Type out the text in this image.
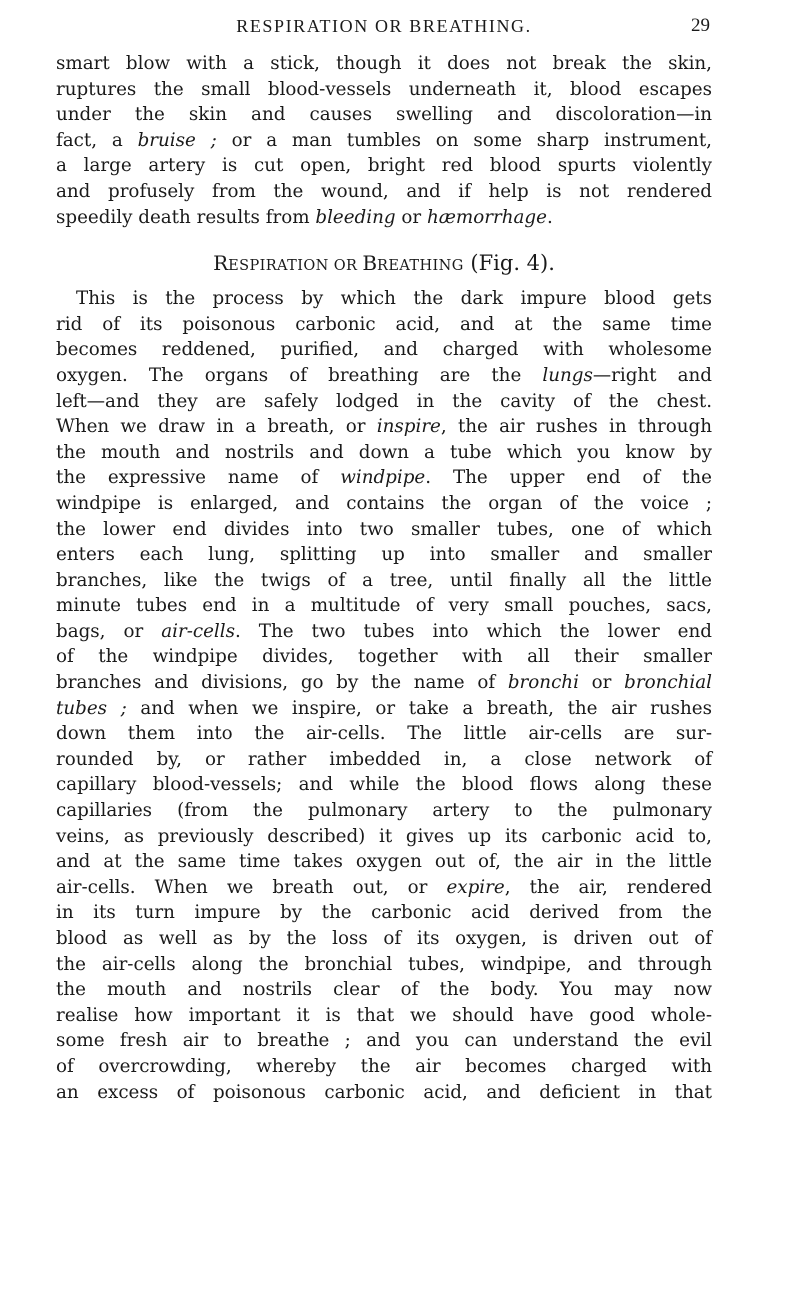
RESPIRATION OR BREATHING.	29
smart blow with a stick, though it does not break the skin,
ruptures the small blood-vessels underneath it, blood escapes
under the skin and causes swelling and discoloration—in
fact, a bruise ; or a man tumbles on some sharp instrument,
a large artery is cut open, bright red blood spurts violently
and profusely from the wound, and if help is not rendered
speedily death results from bleeding or hæmorrhage.
RESPIRATION OR BREATHING (Fig. 4).
This is the process by which the dark impure blood gets
rid of its poisonous carbonic acid, and at the same time
becomes reddened, purified, and charged with wholesome
oxygen. The organs of breathing are the lungs—right and
left—and they are safely lodged in the cavity of the chest.
When we draw in a breath, or inspire, the air rushes in through
the mouth and nostrils and down a tube which you know by
the expressive name of windpipe. The upper end of the
windpipe is enlarged, and contains the organ of the voice ;
the lower end divides into two smaller tubes, one of which
enters each lung, splitting up into smaller and smaller
branches, like the twigs of a tree, until finally all the little
minute tubes end in a multitude of very small pouches, sacs,
bags, or air-cells. The two tubes into which the lower end
of the windpipe divides, together with all their smaller
branches and divisions, go by the name of bronchi or bronchial
tubes ; and when we inspire, or take a breath, the air rushes
down them into the air-cells. The little air-cells are sur-
rounded by, or rather imbedded in, a close network of
capillary blood-vessels; and while the blood flows along these
capillaries (from the pulmonary artery to the pulmonary
veins, as previously described) it gives up its carbonic acid to,
and at the same time takes oxygen out of, the air in the little
air-cells. When we breath out, or expire, the air, rendered
in its turn impure by the carbonic acid derived from the
blood as well as by the loss of its oxygen, is driven out of
the air-cells along the bronchial tubes, windpipe, and through
the mouth and nostrils clear of the body. You may now
realise how important it is that we should have good whole-
some fresh air to breathe ; and you can understand the evil
of overcrowding, whereby the air becomes charged with
an excess of poisonous carbonic acid, and deficient in that
